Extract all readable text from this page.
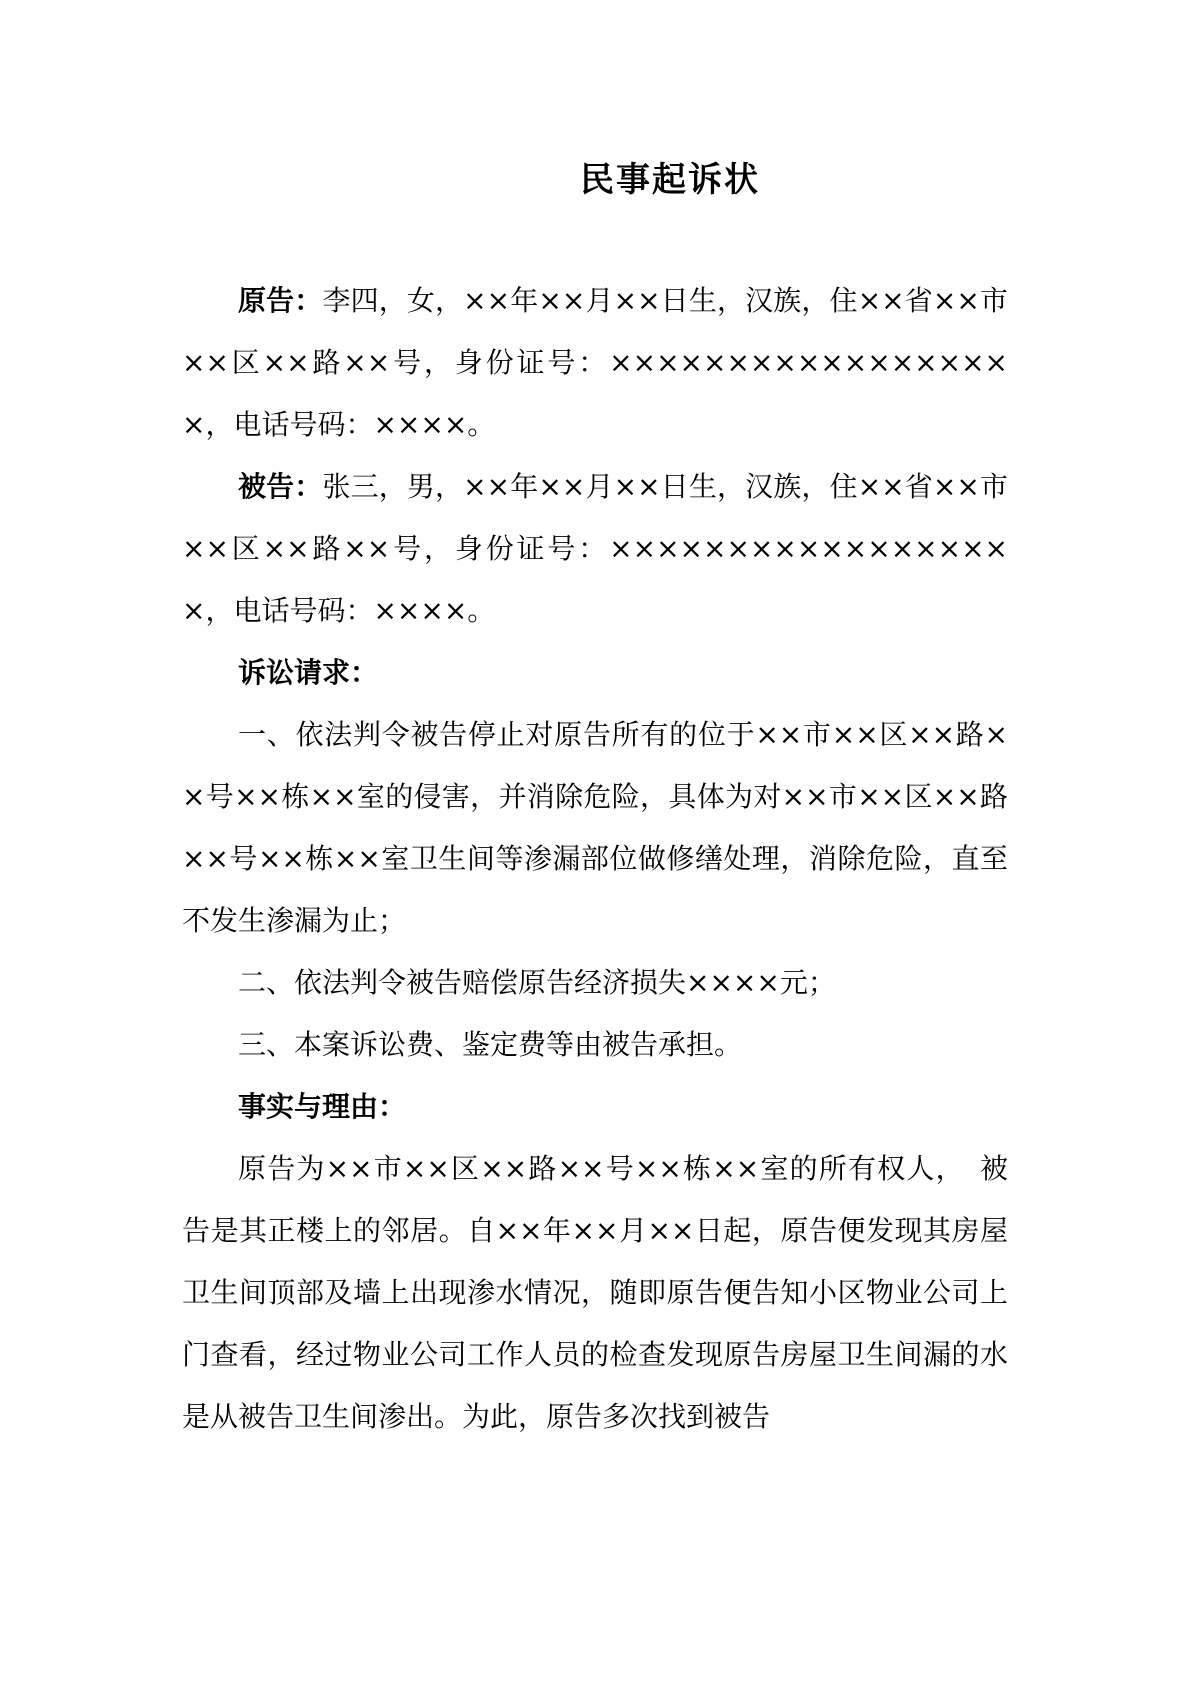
民事起诉状

原告：李四，女，××年××月××日生，汉族，住××省××市××区××路××号，身份证号：××××××××××××××××××，电话号码：××××。

被告：张三，男，××年××月××日生，汉族，住××省××市××区××路××号，身份证号：××××××××××××××××××，电话号码：××××。

诉讼请求：

一、依法判令被告停止对原告所有的位于××市××区××路××号××栋××室的侵害，并消除危险，具体为对××市××区××路××号××栋××室卫生间等渗漏部位做修缮处理，消除危险，直至不发生渗漏为止；

二、依法判令被告赔偿原告经济损失××××元；

三、本案诉讼费、鉴定费等由被告承担。

事实与理由：

原告为××市××区××路××号××栋××室的所有权人，　被告是其正楼上的邻居。自××年××月××日起，原告便发现其房屋卫生间顶部及墙上出现渗水情况，随即原告便告知小区物业公司上门查看，经过物业公司工作人员的检查发现原告房屋卫生间漏的水是从被告卫生间渗出。为此，原告多次找到被告
